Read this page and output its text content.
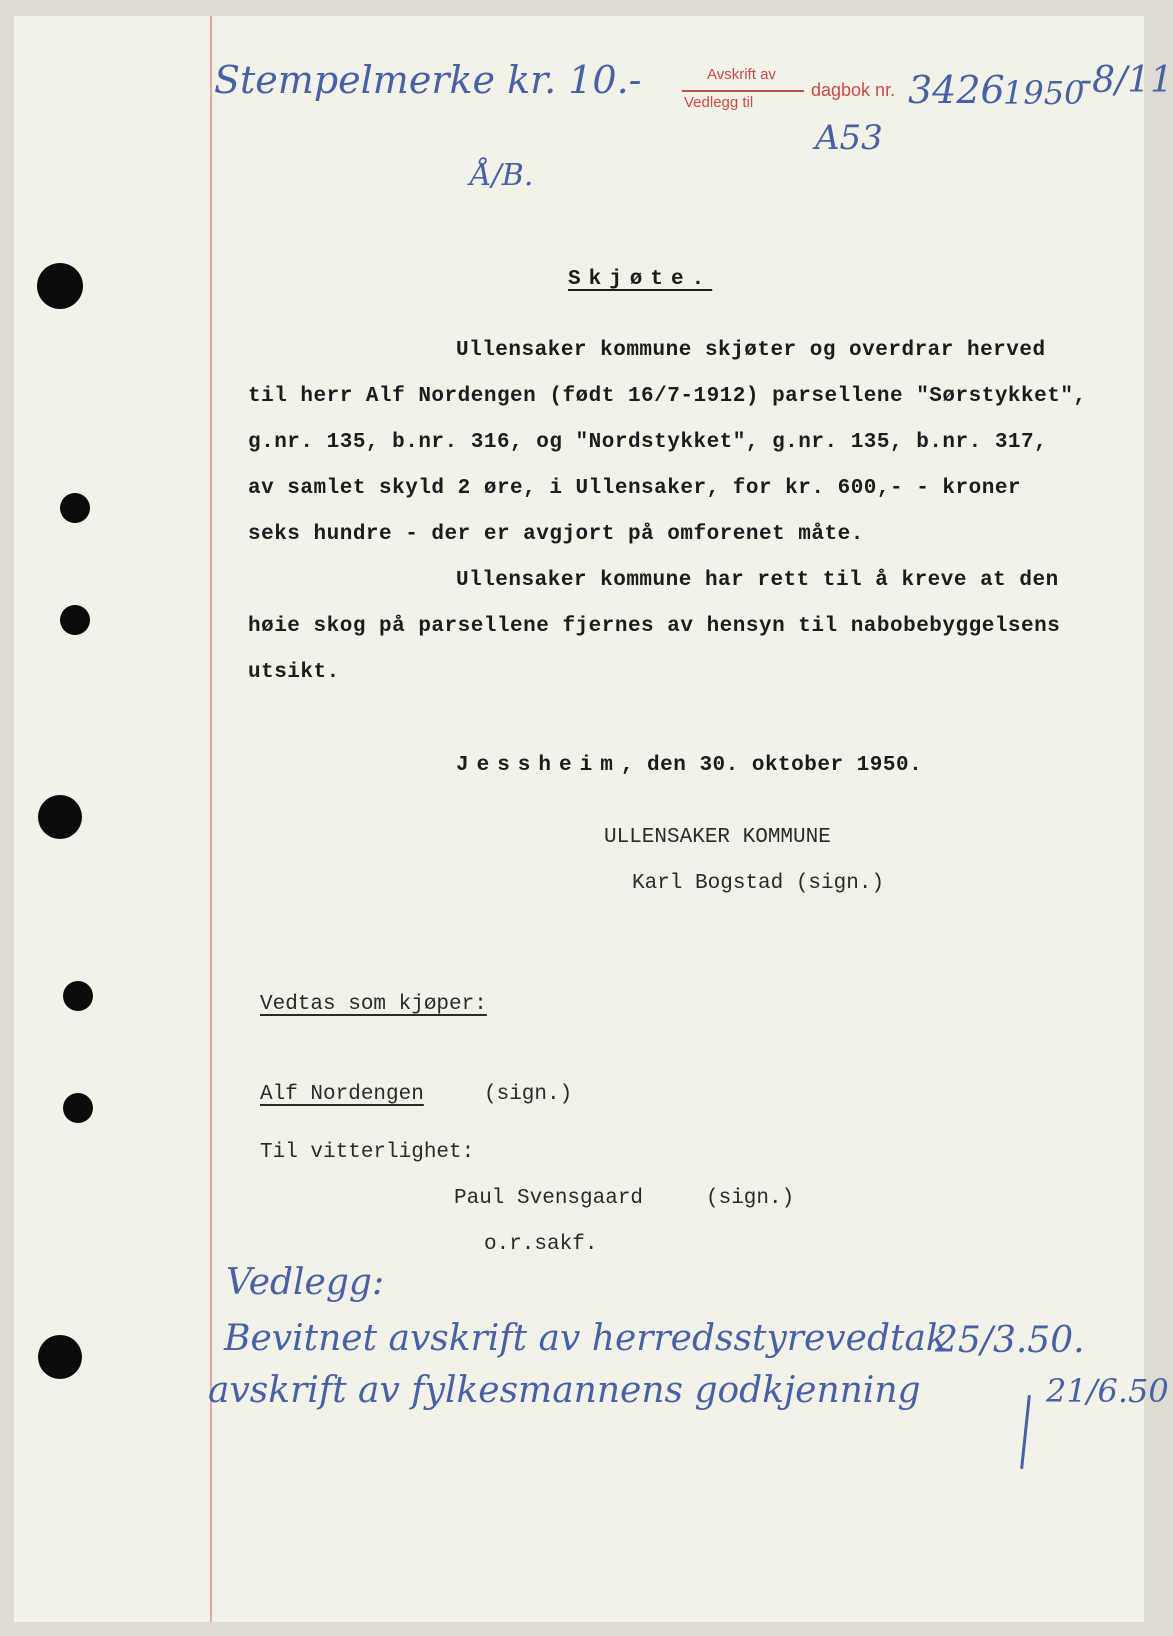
Stempelmerke kr. 10.-	Avskrift av
Vedlegg til
dagbok nr. 3426
1950
-8/11
A53
Å/B.
Skjøte.
Ullensaker kommune skjøter og overdrar herved
til herr Alf Nordengen (født 16/7-1912) parsellene "Sørstykket",
g.nr. 135, b.nr. 316, og "Nordstykket", g.nr. 135, b.nr. 317,
av samlet skyld 2 øre, i Ullensaker, for kr. 600,- - kroner
seks hundre - der er avgjort på omforenet måte.
Ullensaker kommune har rett til å kreve at den
høie skog på parsellene fjernes av hensyn til nabobebyggelsens
utsikt.
Jessheim, den 30. oktober 1950.
ULLENSAKER KOMMUNE
Karl Bogstad (sign.)
Vedtas som kjøper:
Alf Nordengen	(sign.)
Til vitterlighet:
Paul Svensgaard	(sign.)
o.r.sakf.
Vedlegg:
Bevitnet avskrift av herredsstyrevedtak
25/3.50.
avskrift av fylkesmannens godkjenning	21/6.50
